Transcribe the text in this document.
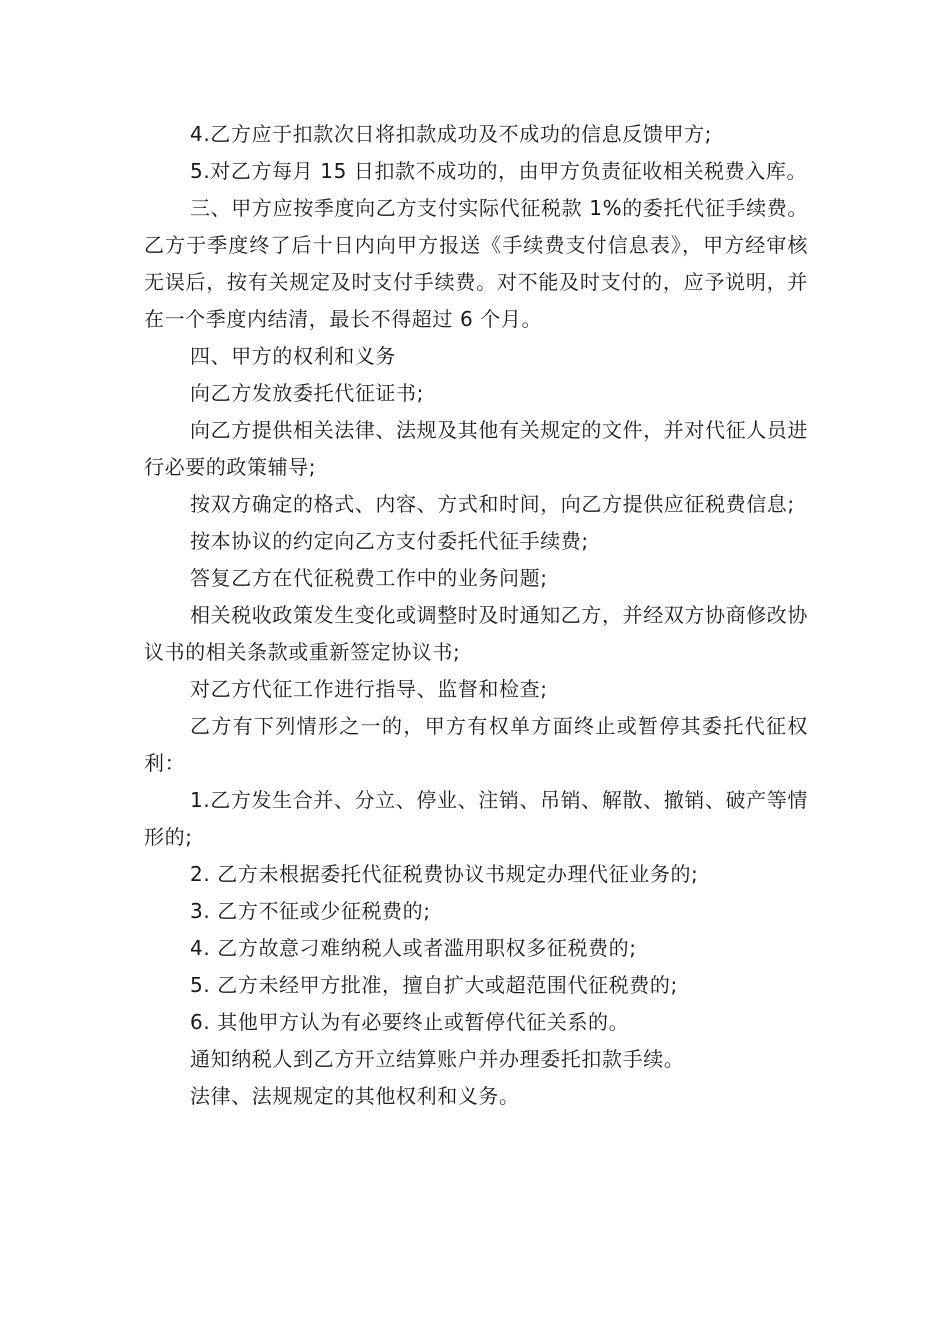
4.乙方应于扣款次日将扣款成功及不成功的信息反馈甲方;

5.对乙方每月 15 日扣款不成功的，由甲方负责征收相关税费入库。

三、甲方应按季度向乙方支付实际代征税款 1%的委托代征手续费。乙方于季度终了后十日内向甲方报送《手续费支付信息表》，甲方经审核无误后，按有关规定及时支付手续费。对不能及时支付的，应予说明，并在一个季度内结清，最长不得超过 6 个月。

四、甲方的权利和义务

向乙方发放委托代征证书;

向乙方提供相关法律、法规及其他有关规定的文件，并对代征人员进行必要的政策辅导;

按双方确定的格式、内容、方式和时间，向乙方提供应征税费信息;

按本协议的约定向乙方支付委托代征手续费;

答复乙方在代征税费工作中的业务问题;

相关税收政策发生变化或调整时及时通知乙方，并经双方协商修改协议书的相关条款或重新签定协议书;

对乙方代征工作进行指导、监督和检查;

乙方有下列情形之一的，甲方有权单方面终止或暂停其委托代征权利：

1.乙方发生合并、分立、停业、注销、吊销、解散、撤销、破产等情形的;

2. 乙方未根据委托代征税费协议书规定办理代征业务的;

3. 乙方不征或少征税费的;

4. 乙方故意刁难纳税人或者滥用职权多征税费的;

5. 乙方未经甲方批准，擅自扩大或超范围代征税费的;

6. 其他甲方认为有必要终止或暂停代征关系的。

通知纳税人到乙方开立结算账户并办理委托扣款手续。

法律、法规规定的其他权利和义务。
